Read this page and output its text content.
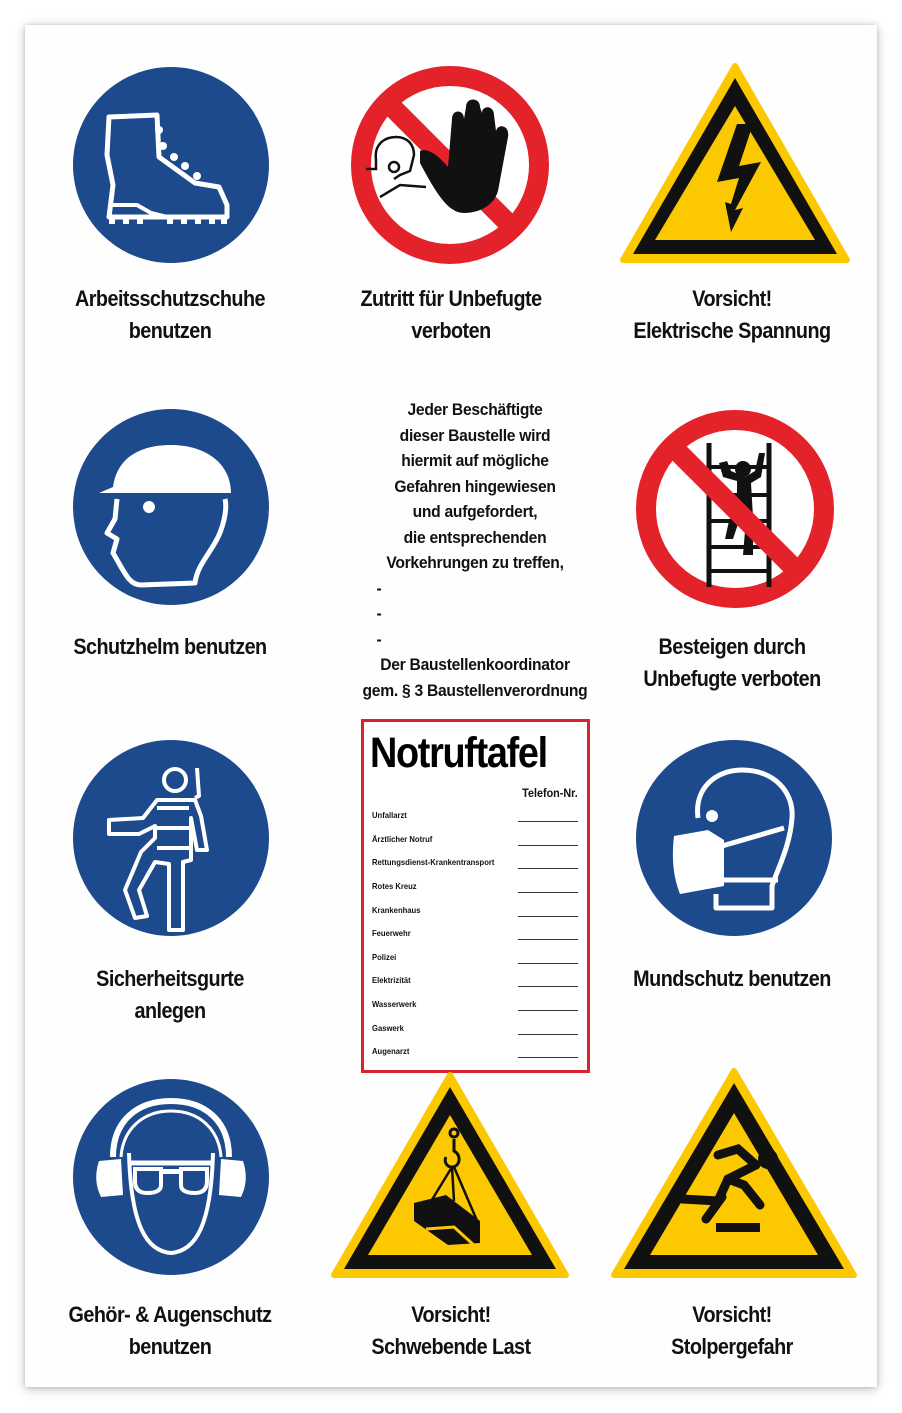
Arbeitsschutzschuhe
benutzen
Zutritt für Unbefugte
verboten
Vorsicht!
Elektrische Spannung
Schutzhelm benutzen
Jeder Beschäftigte
dieser Baustelle wird
hiermit auf mögliche
Gefahren hingewiesen
und aufgefordert,
die entsprechenden
Vorkehrungen zu treffen,
-
-
-
Der Baustellenkoordinator
gem. § 3 Baustellenverordnung
Besteigen durch
Unbefugte verboten
Sicherheitsgurte
anlegen
Notruftafel
Telefon-Nr.
Unfallarzt
Ärztlicher Notruf
Rettungsdienst-Krankentransport
Rotes Kreuz
Krankenhaus
Feuerwehr
Polizei
Elektrizität
Wasserwerk
Gaswerk
Augenarzt
Mundschutz benutzen
Gehör- & Augenschutz
benutzen
Vorsicht!
Schwebende Last
Vorsicht!
Stolpergefahr
